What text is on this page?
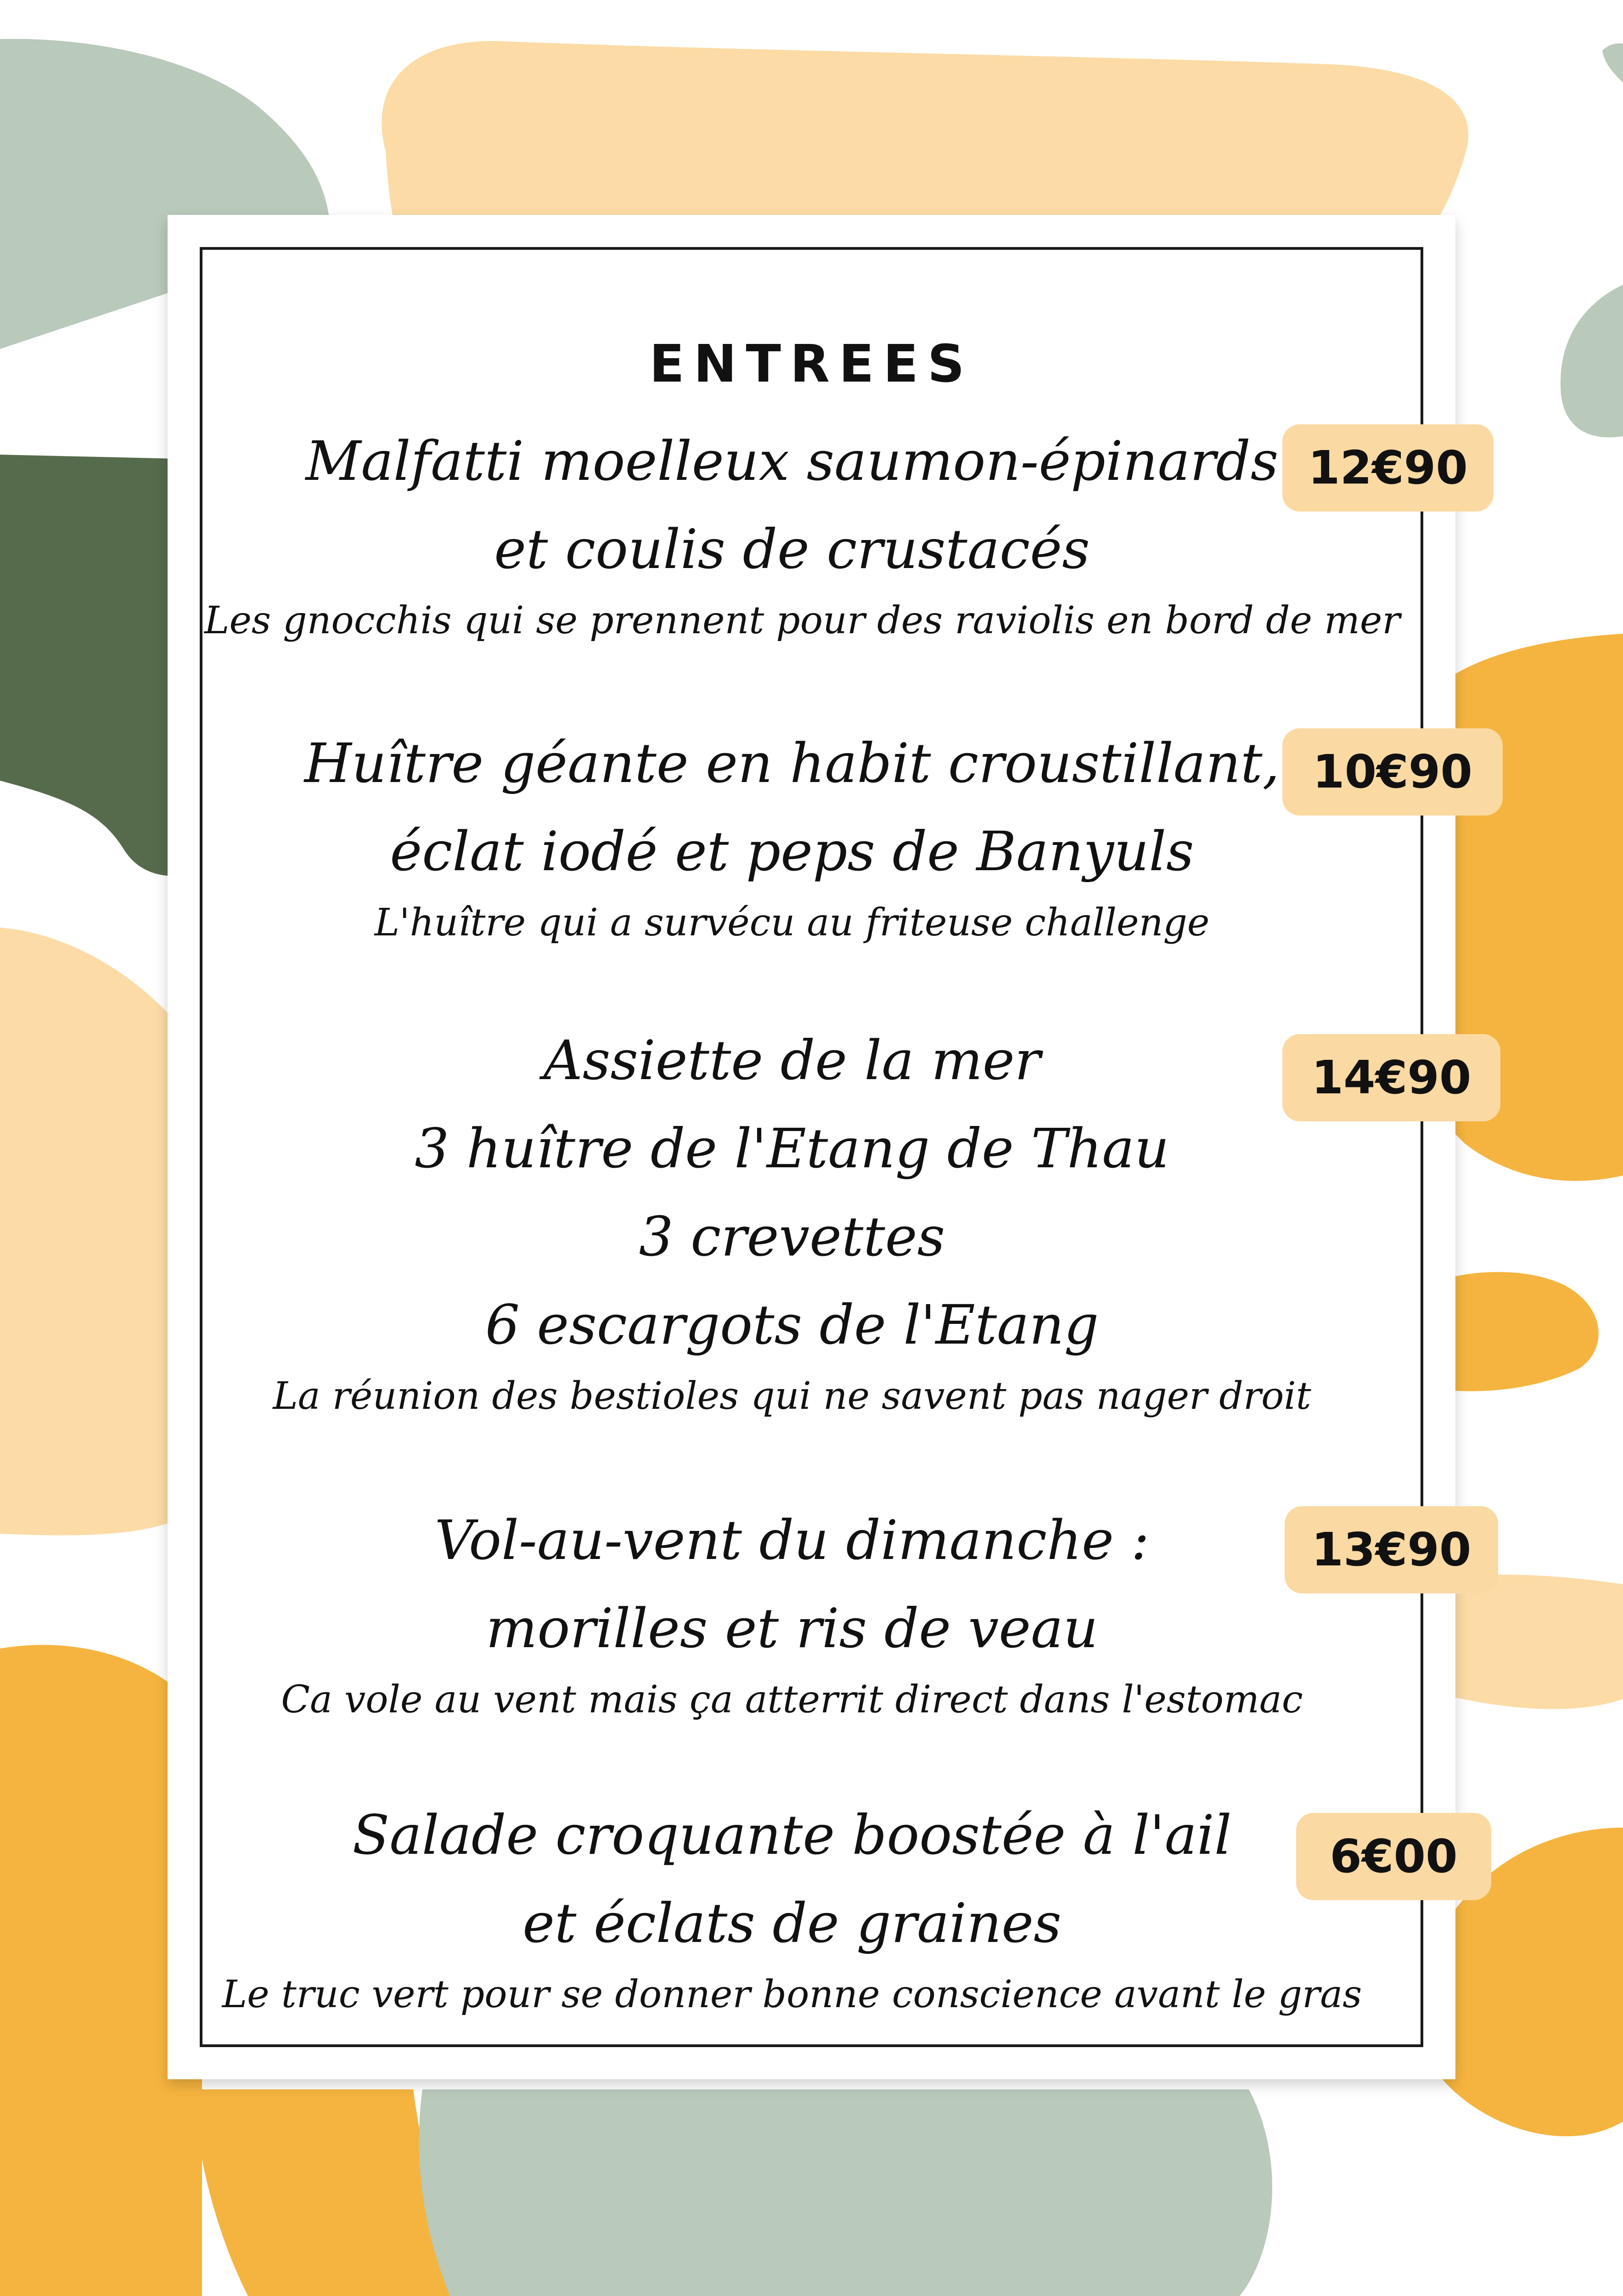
ENTREES
Malfatti moelleux saumon-épinards
et coulis de crustacés
Les gnocchis qui se prennent pour des raviolis en bord de mer
12€90
Huître géante en habit croustillant,
éclat iodé et peps de Banyuls
L'huître qui a survécu au friteuse challenge
10€90
Assiette de la mer
3 huître de l'Etang de Thau
3 crevettes
6 escargots de l'Etang
La réunion des bestioles qui ne savent pas nager droit
14€90
Vol-au-vent du dimanche :
morilles et ris de veau
Ca vole au vent mais ça atterrit direct dans l'estomac
13€90
Salade croquante boostée à l'ail
et éclats de graines
Le truc vert pour se donner bonne conscience avant le gras
6€00
